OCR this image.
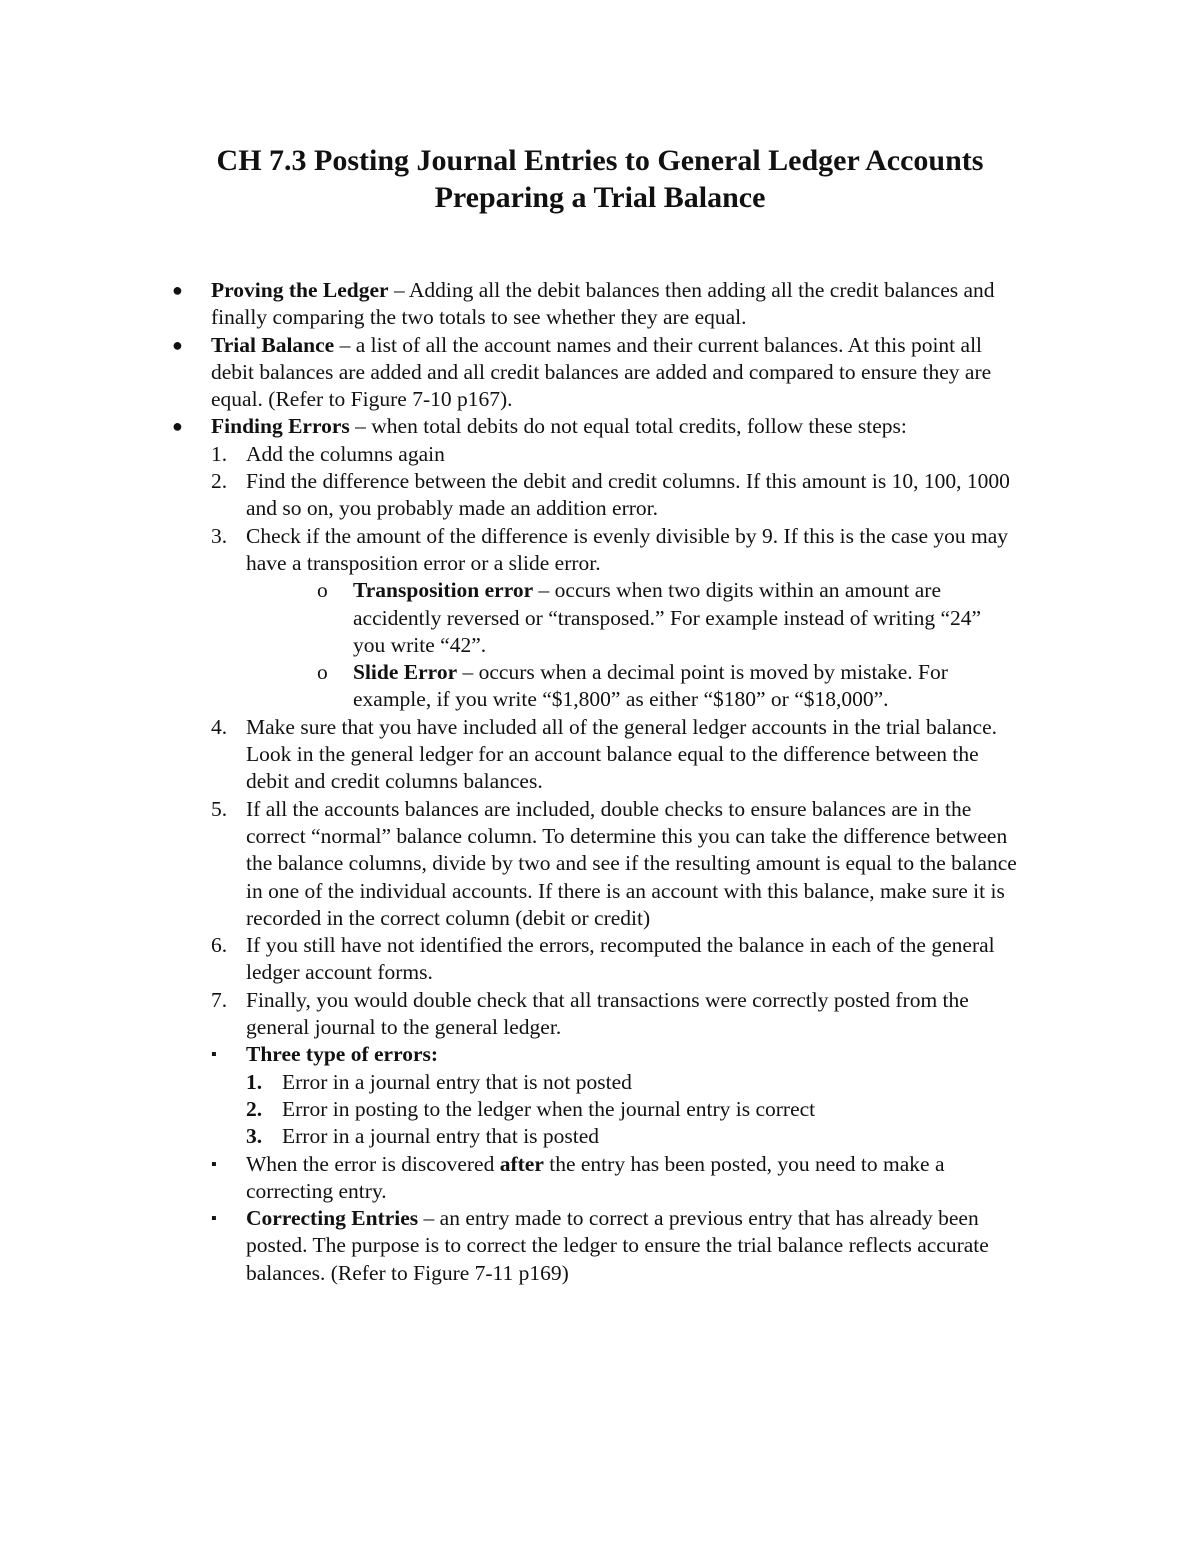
CH 7.3 Posting Journal Entries to General Ledger Accounts
Preparing a Trial Balance
● Proving the Ledger – Adding all the debit balances then adding all the credit balances and finally comparing the two totals to see whether they are equal.
● Trial Balance – a list of all the account names and their current balances. At this point all debit balances are added and all credit balances are added and compared to ensure they are equal. (Refer to Figure 7-10 p167).
● Finding Errors – when total debits do not equal total credits, follow these steps:
1. Add the columns again
2. Find the difference between the debit and credit columns. If this amount is 10, 100, 1000 and so on, you probably made an addition error.
3. Check if the amount of the difference is evenly divisible by 9. If this is the case you may have a transposition error or a slide error.
o Transposition error – occurs when two digits within an amount are accidently reversed or “transposed.” For example instead of writing “24” you write “42”.
o Slide Error – occurs when a decimal point is moved by mistake. For example, if you write “$1,800” as either “$180” or “$18,000”.
4. Make sure that you have included all of the general ledger accounts in the trial balance. Look in the general ledger for an account balance equal to the difference between the debit and credit columns balances.
5. If all the accounts balances are included, double checks to ensure balances are in the correct “normal” balance column. To determine this you can take the difference between the balance columns, divide by two and see if the resulting amount is equal to the balance in one of the individual accounts. If there is an account with this balance, make sure it is recorded in the correct column (debit or credit)
6. If you still have not identified the errors, recomputed the balance in each of the general ledger account forms.
7. Finally, you would double check that all transactions were correctly posted from the general journal to the general ledger.
▪ Three type of errors:
1. Error in a journal entry that is not posted
2. Error in posting to the ledger when the journal entry is correct
3. Error in a journal entry that is posted
▪ When the error is discovered after the entry has been posted, you need to make a correcting entry.
▪ Correcting Entries – an entry made to correct a previous entry that has already been posted. The purpose is to correct the ledger to ensure the trial balance reflects accurate balances. (Refer to Figure 7-11 p169)
